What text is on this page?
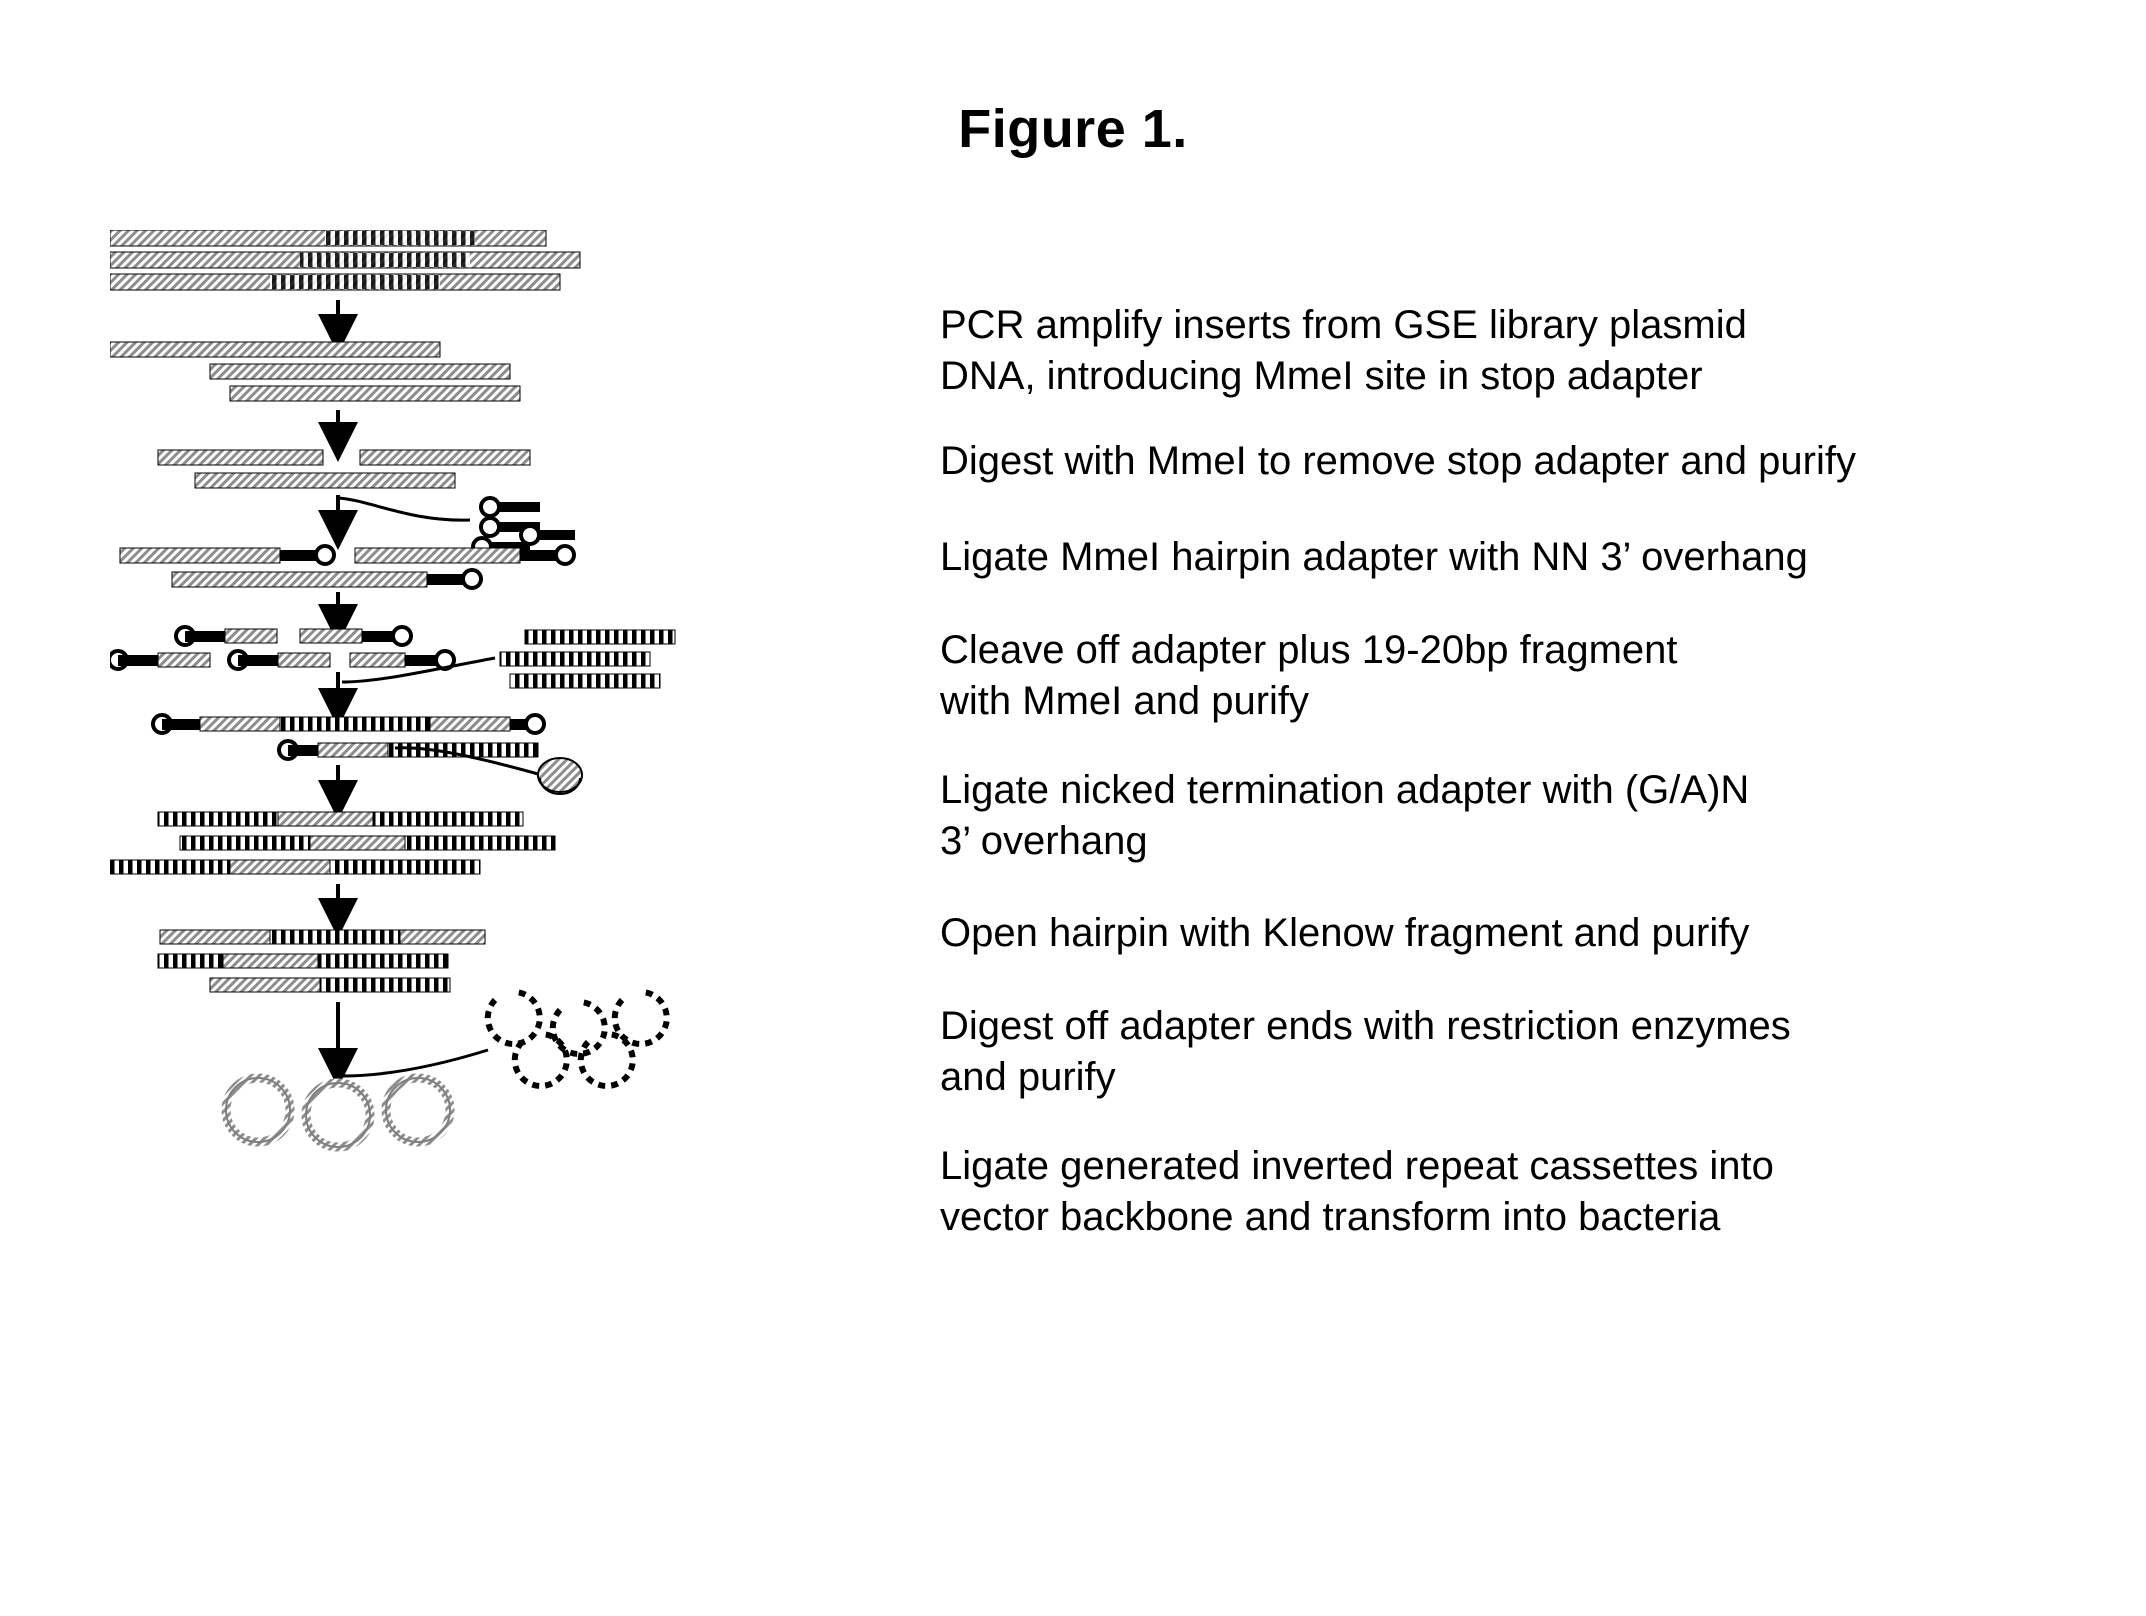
Figure 1.
PCR amplify inserts from GSE library plasmid
DNA, introducing MmeI site in stop adapter
Digest with MmeI to remove stop adapter and purify
Ligate MmeI hairpin adapter with NN 3’ overhang
Cleave off adapter plus 19-20bp fragment
with MmeI and purify
Ligate nicked termination adapter with (G/A)N
3’ overhang
Open hairpin with Klenow fragment and purify
Digest off adapter ends with restriction enzymes
and purify
Ligate generated inverted repeat cassettes into
vector backbone and transform into bacteria
